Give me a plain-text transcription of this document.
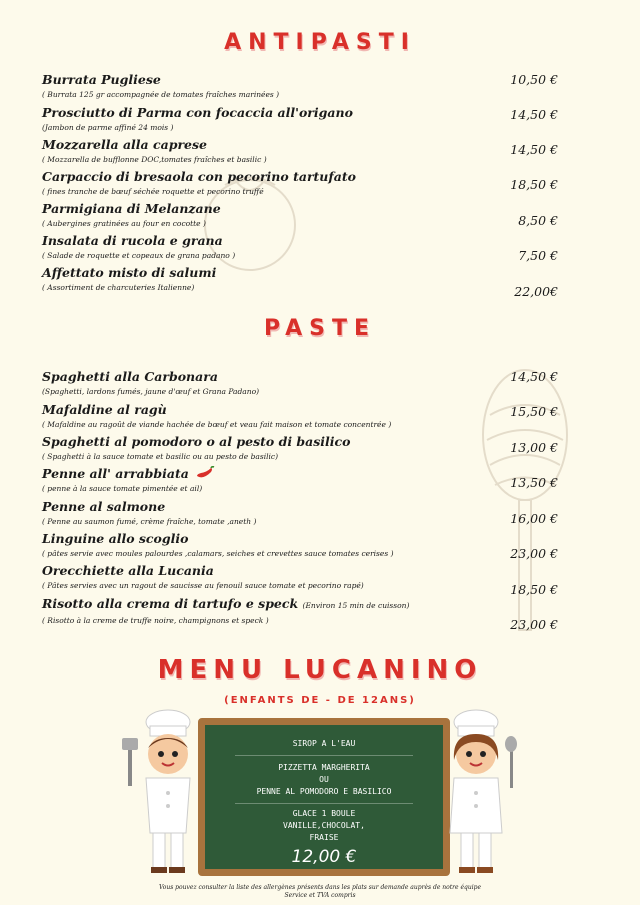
ANTIPASTI
Burrata Pugliese
( Burrata 125 gr accompagnée de tomates fraîches marinées )
10,50 €
Prosciutto di Parma con focaccia all'origano
(Jambon de parme affiné 24 mois )
14,50 €
Mozzarella alla caprese
( Mozzarella de bufflonne DOC,tomates fraîches et basilic )
14,50 €
Carpaccio di bresaola con pecorino tartufato
( fines tranche de bœuf séchée roquette et pecorino truffé	18,50 €
Parmigiana di Melanzane
( Aubergines gratinées au four en cocotte )	8,50 €
Insalata di rucola e grana
( Salade de roquette et copeaux de grana padano )	7,50 €
Affettato misto di salumi
( Assortiment de charcuteries Italienne)	22,00€
PASTE
Spaghetti alla Carbonara
(Spaghetti, lardons fumés, jaune d'œuf et Grana Padano)
14,50 €
Mafaldine al ragù
( Mafaldine au ragoût de viande hachée de bœuf et veau fait maison et tomate concentrée )
15,50 €
Spaghetti al pomodoro o al pesto di basilico
( Spaghetti à la sauce tomate et basilic ou au pesto de basilic)
13,00 €
Penne all' arrabbiata
( penne à la sauce tomate pimentée et ail)	13,50 €
Penne al salmone
( Penne au saumon fumé, crème fraîche, tomate ,aneth )	16,00 €
Linguine allo scoglio
( pâtes servie avec moules palourdes ,calamars, seiches et crevettes sauce tomates cerises )	23,00 €
Orecchiette alla Lucania
( Pâtes servies avec un ragout de saucisse au fenouil sauce tomate et pecorino rapé)	18,50 €
Risotto alla crema di tartufo e speck (Environ 15 min de cuisson)
( Risotto à la creme de truffe noire, champignons et speck )	23,00 €
MENU LUCANINO
(ENFANTS DE - DE 12ANS)
SIROP A L'EAU
PIZZETTA MARGHERITA
OU
PENNE AL POMODORO E BASILICO
GLACE 1 BOULE
VANILLE,CHOCOLAT,
FRAISE
12,00 €
Vous pouvez consulter la liste des allergènes présents dans les plats sur demande auprès de notre équipe
Service et TVA compris
